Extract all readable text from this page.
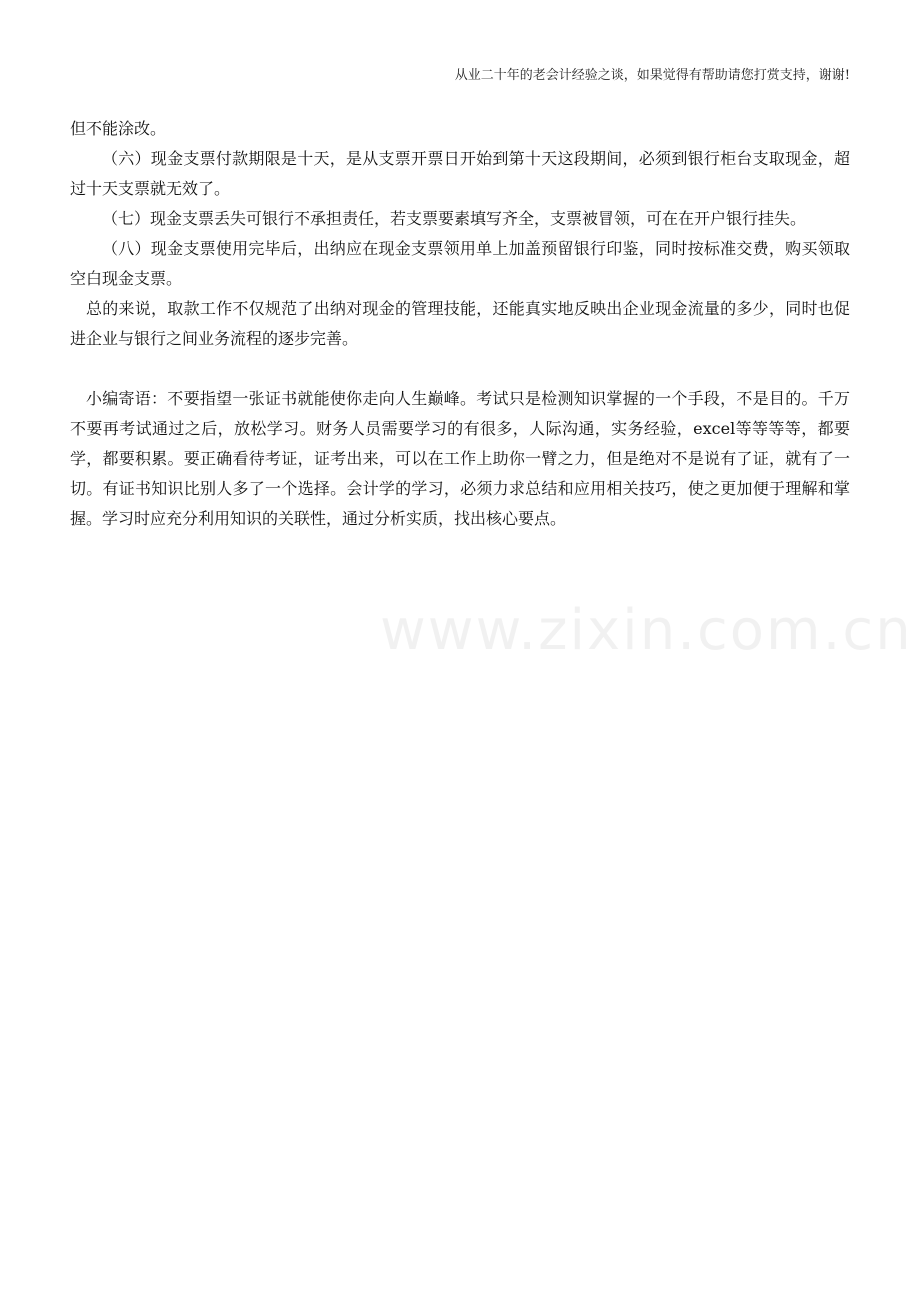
从业二十年的老会计经验之谈，如果觉得有帮助请您打赏支持，谢谢!

但不能涂改。

（六）现金支票付款期限是十天，是从支票开票日开始到第十天这段期间，必须到银行柜台支取现金，超过十天支票就无效了。

（七）现金支票丢失可银行不承担责任，若支票要素填写齐全，支票被冒领，可在在开户银行挂失。

（八）现金支票使用完毕后，出纳应在现金支票领用单上加盖预留银行印鉴，同时按标准交费，购买领取空白现金支票。

总的来说，取款工作不仅规范了出纳对现金的管理技能，还能真实地反映出企业现金流量的多少，同时也促进企业与银行之间业务流程的逐步完善。

小编寄语：不要指望一张证书就能使你走向人生巅峰。考试只是检测知识掌握的一个手段，不是目的。千万不要再考试通过之后，放松学习。财务人员需要学习的有很多，人际沟通，实务经验，excel等等等等，都要学，都要积累。要正确看待考证，证考出来，可以在工作上助你一臂之力，但是绝对不是说有了证，就有了一切。有证书知识比别人多了一个选择。会计学的学习，必须力求总结和应用相关技巧，使之更加便于理解和掌握。学习时应充分利用知识的关联性，通过分析实质，找出核心要点。

www.zixin.com.cn
